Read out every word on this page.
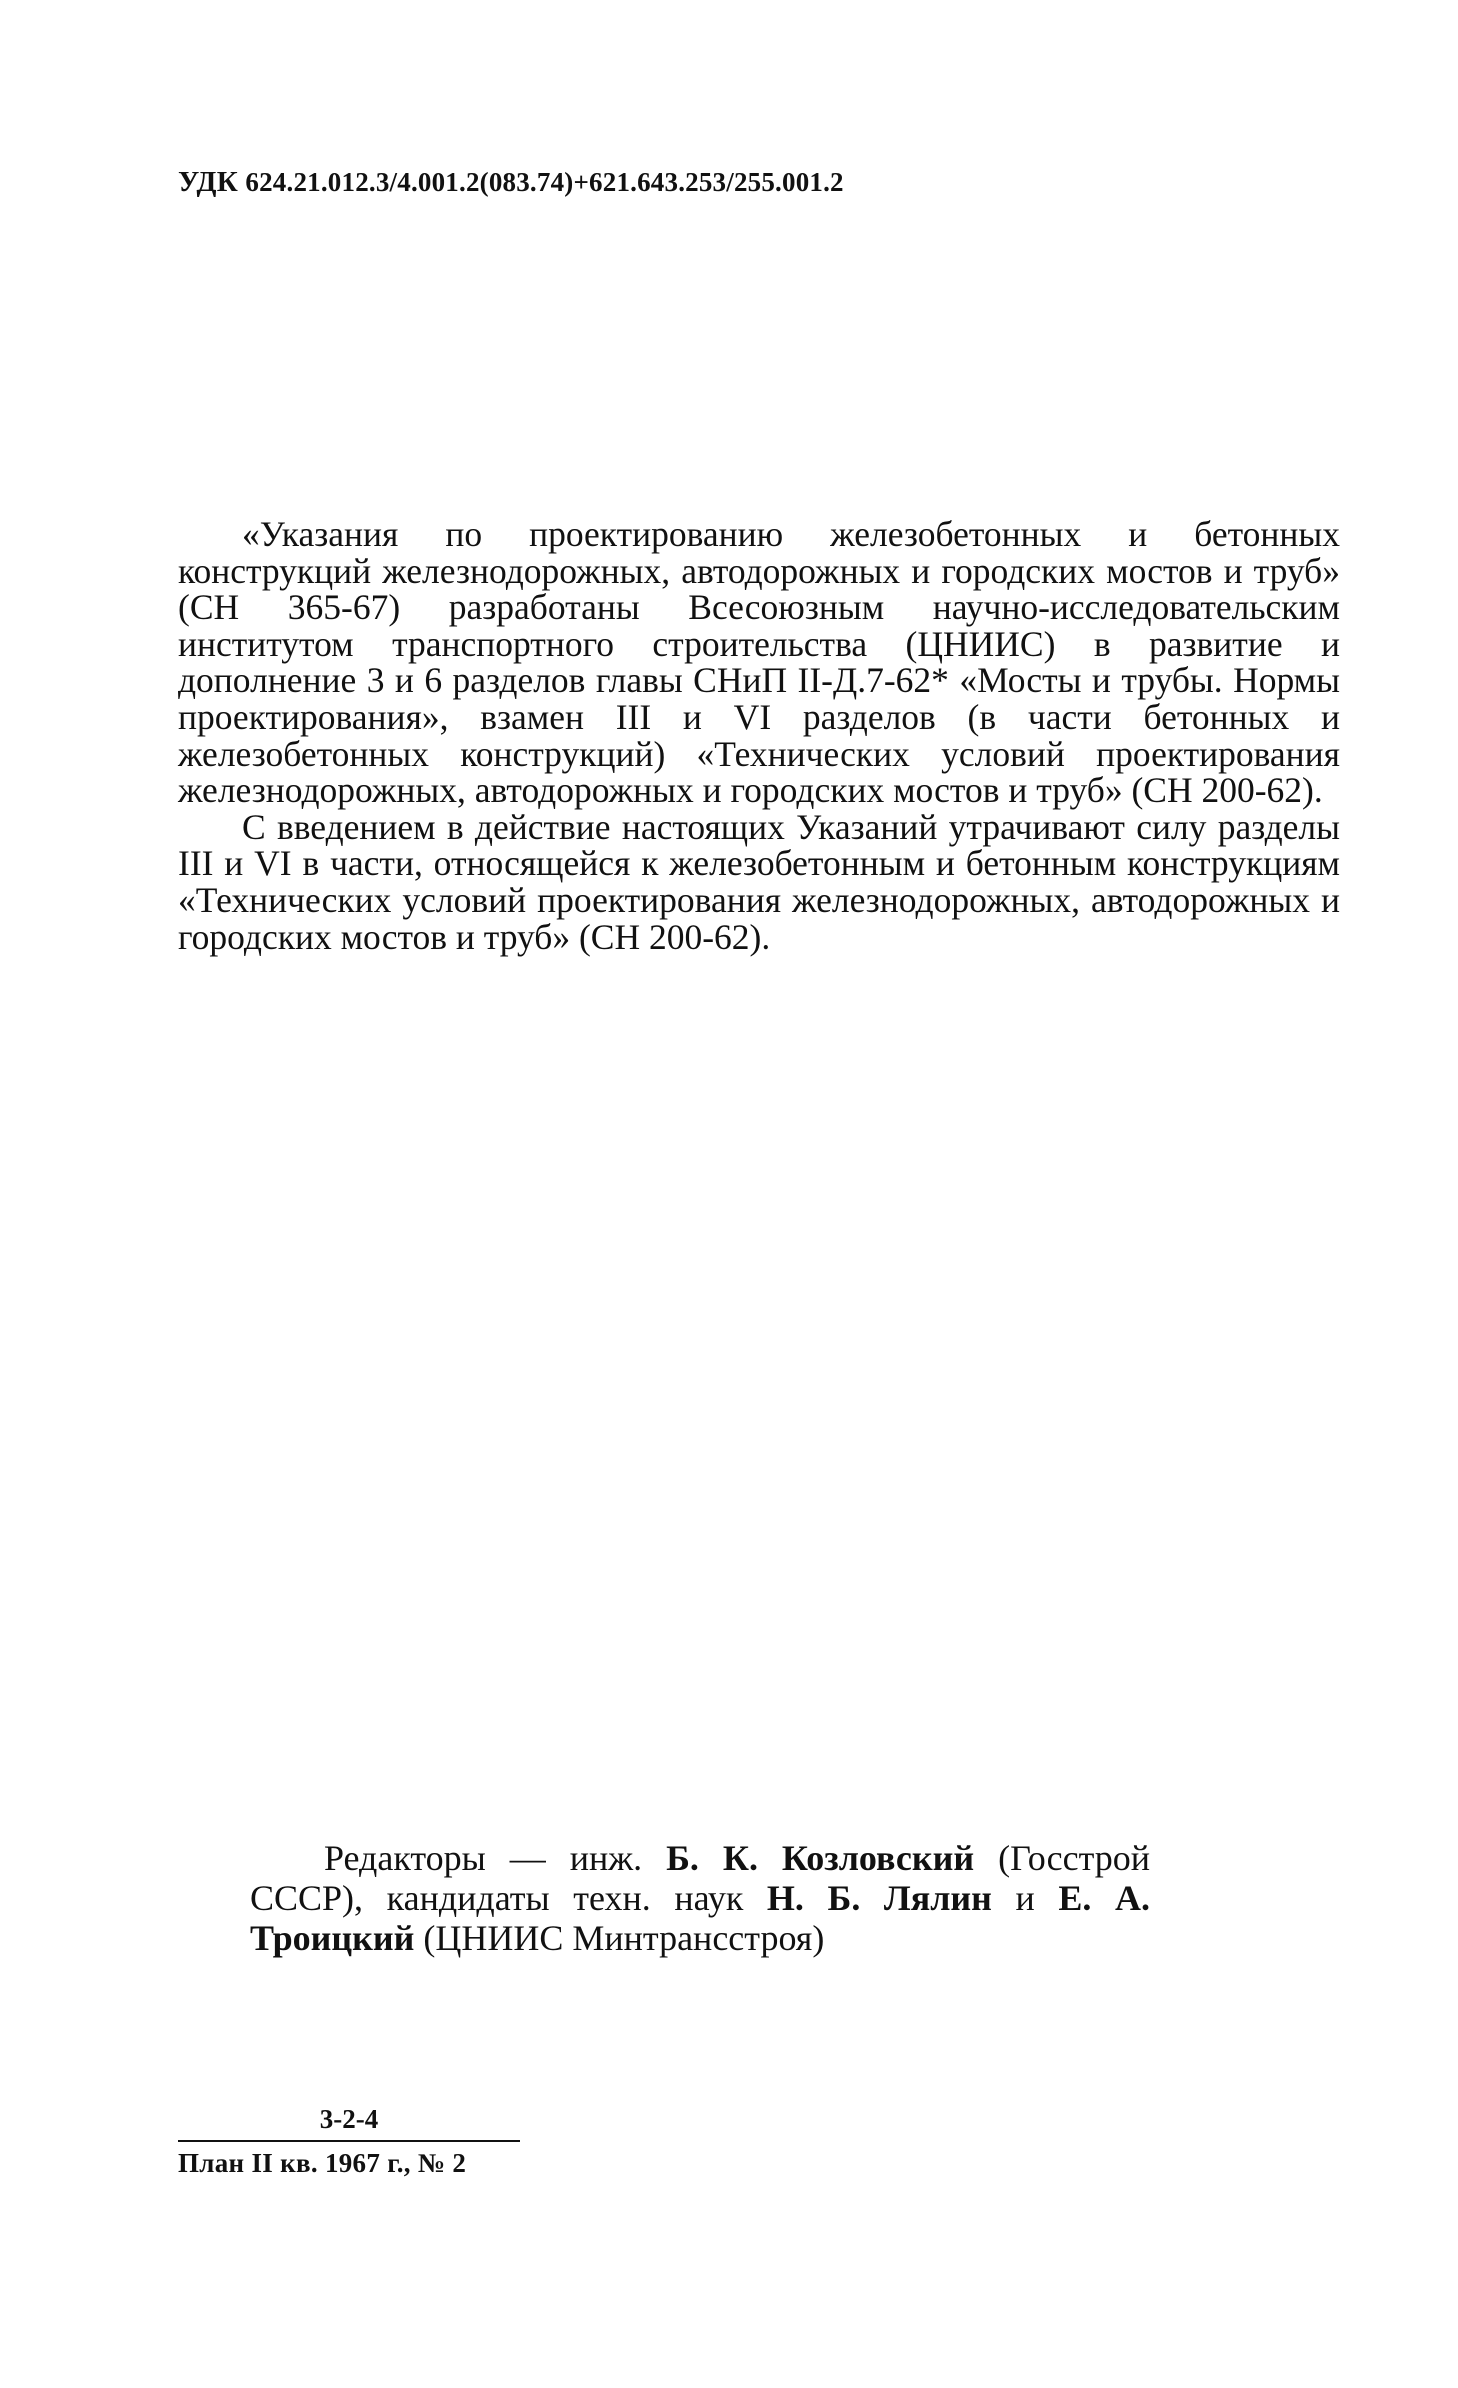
УДК 624.21.012.3/4.001.2(083.74)+621.643.253/255.001.2

«Указания по проектированию железобетонных и бетонных конструкций железнодорожных, автодорожных и городских мостов и труб» (СН 365-67) разработаны Всесоюзным научно-исследовательским институтом транспортного строительства (ЦНИИС) в развитие и дополнение 3 и 6 разделов главы СНиП II-Д.7-62* «Мосты и трубы. Нормы проектирования», взамен III и VI разделов (в части бетонных и железобетонных конструкций) «Технических условий проектирования железнодорожных, автодорожных и городских мостов и труб» (СН 200-62).

С введением в действие настоящих Указаний утрачивают силу разделы III и VI в части, относящейся к железобетонным и бетонным конструкциям «Технических условий проектирования железнодорожных, автодорожных и городских мостов и труб» (СН 200-62).

Редакторы — инж. Б. К. Козловский (Госстрой СССР), кандидаты техн. наук Н. Б. Лялин и Е. А. Троицкий (ЦНИИС Минтрансстроя)

3-2-4
План II кв. 1967 г., № 2
